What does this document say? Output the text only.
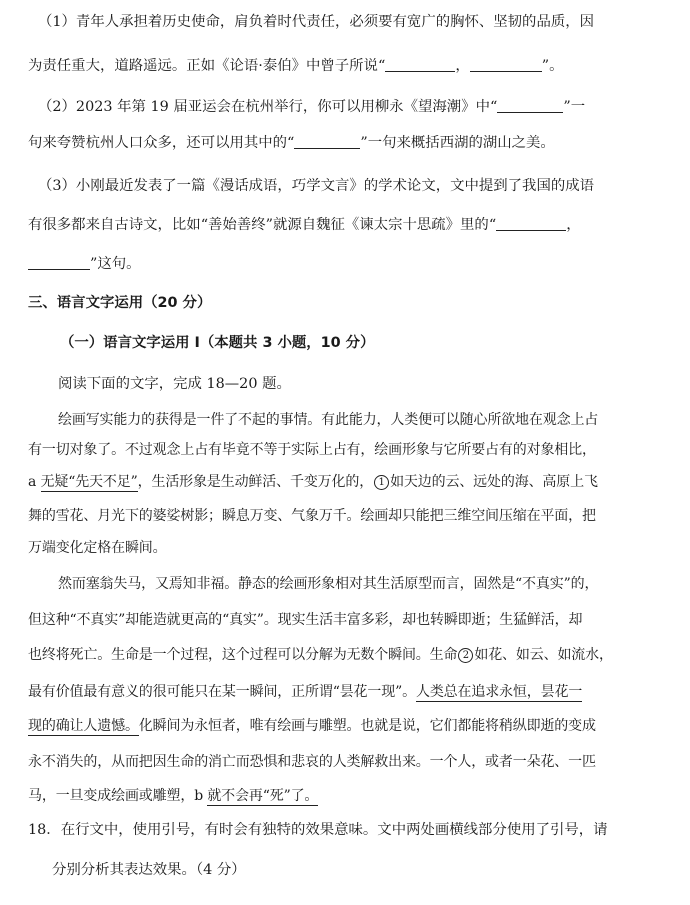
（1）青年人承担着历史使命，肩负着时代责任，必须要有宽广的胸怀、坚韧的品质，因
为责任重大，道路遥远。正如《论语·泰伯》中曾子所说“	，	”。
（2）2023 年第 19 届亚运会在杭州举行，你可以用柳永《望海潮》中“	”一
句来夸赞杭州人口众多，还可以用其中的“	”一句来概括西湖的湖山之美。
（3）小刚最近发表了一篇《漫话成语，巧学文言》的学术论文，文中提到了我国的成语
有很多都来自古诗文，比如“善始善终”就源自魏征《谏太宗十思疏》里的“	，
”这句。
三、语言文字运用（20 分）
（一）语言文字运用 Ⅰ（本题共 3 小题，10 分）
阅读下面的文字，完成 18—20 题。
绘画写实能力的获得是一件了不起的事情。有此能力，人类便可以随心所欲地在观念上占
有一切对象了。不过观念上占有毕竟不等于实际上占有，绘画形象与它所要占有的对象相比，
a 无疑“先天不足”，生活形象是生动鲜活、千变万化的， 1 如天边的云、远处的海、高原上飞
舞的雪花、月光下的婆娑树影；瞬息万变、气象万千。绘画却只能把三维空间压缩在平面，把
万端变化定格在瞬间。
然而塞翁失马，又焉知非福。静态的绘画形象相对其生活原型而言，固然是“不真实”的，
但这种“不真实”却能造就更高的“真实”。现实生活丰富多彩，却也转瞬即逝；生猛鲜活，却
也终将死亡。生命是一个过程，这个过程可以分解为无数个瞬间。生命 2 如花、如云、如流水，
最有价值最有意义的很可能只在某一瞬间，正所谓“昙花一现”。人类总在追求永恒，昙花一
现的确让人遗憾。化瞬间为永恒者，唯有绘画与雕塑。也就是说，它们都能将稍纵即逝的变成
永不消失的，从而把因生命的消亡而恐惧和悲哀的人类解救出来。一个人，或者一朵花、一匹
马，一旦变成绘画或雕塑，b 就不会再“死”了。
18．在行文中，使用引号，有时会有独特的效果意味。文中两处画横线部分使用了引号，请
分别分析其表达效果。（4 分）
